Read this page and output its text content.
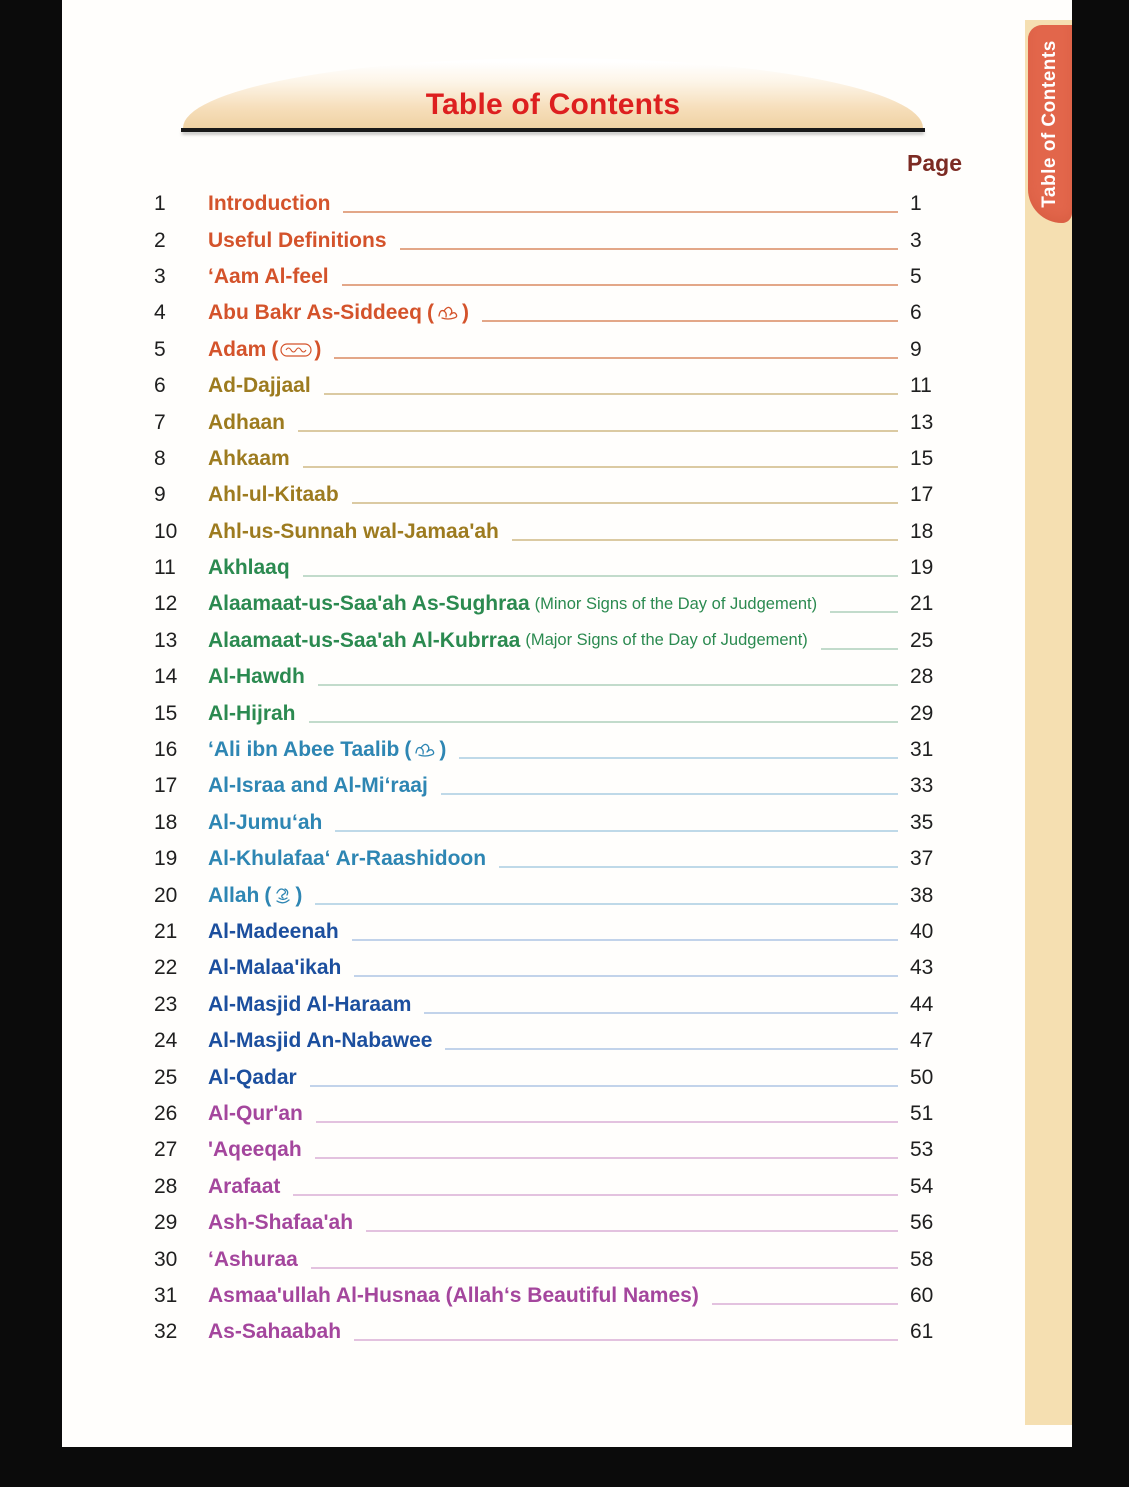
Table of Contents
Table of Contents
Page
1	Introduction	1
2	Useful Definitions	3
3	‘Aam Al-feel	5
4	Abu Bakr As-Siddeeq ( )	6
5	Adam ( )	9
6	Ad-Dajjaal	11
7	Adhaan	13
8	Ahkaam	15
9	Ahl-ul-Kitaab	17
10	Ahl-us-Sunnah wal-Jamaa'ah	18
11	Akhlaaq	19
12	Alaamaat-us-Saa'ah As-Sughraa (Minor Signs of the Day of Judgement)	21
13	Alaamaat-us-Saa'ah Al-Kubrraa (Major Signs of the Day of Judgement)	25
14	Al-Hawdh	28
15	Al-Hijrah	29
16	‘Ali ibn Abee Taalib ( )	31
17	Al-Israa and Al-Mi‘raaj	33
18	Al-Jumu‘ah	35
19	Al-Khulafaa‘ Ar-Raashidoon	37
20	Allah ( )	38
21	Al-Madeenah	40
22	Al-Malaa'ikah	43
23	Al-Masjid Al-Haraam	44
24	Al-Masjid An-Nabawee	47
25	Al-Qadar	50
26	Al-Qur'an	51
27	'Aqeeqah	53
28	Arafaat	54
29	Ash-Shafaa'ah	56
30	‘Ashuraa	58
31	Asmaa'ullah Al-Husnaa (Allah‘s Beautiful Names)	60
32	As-Sahaabah	61
